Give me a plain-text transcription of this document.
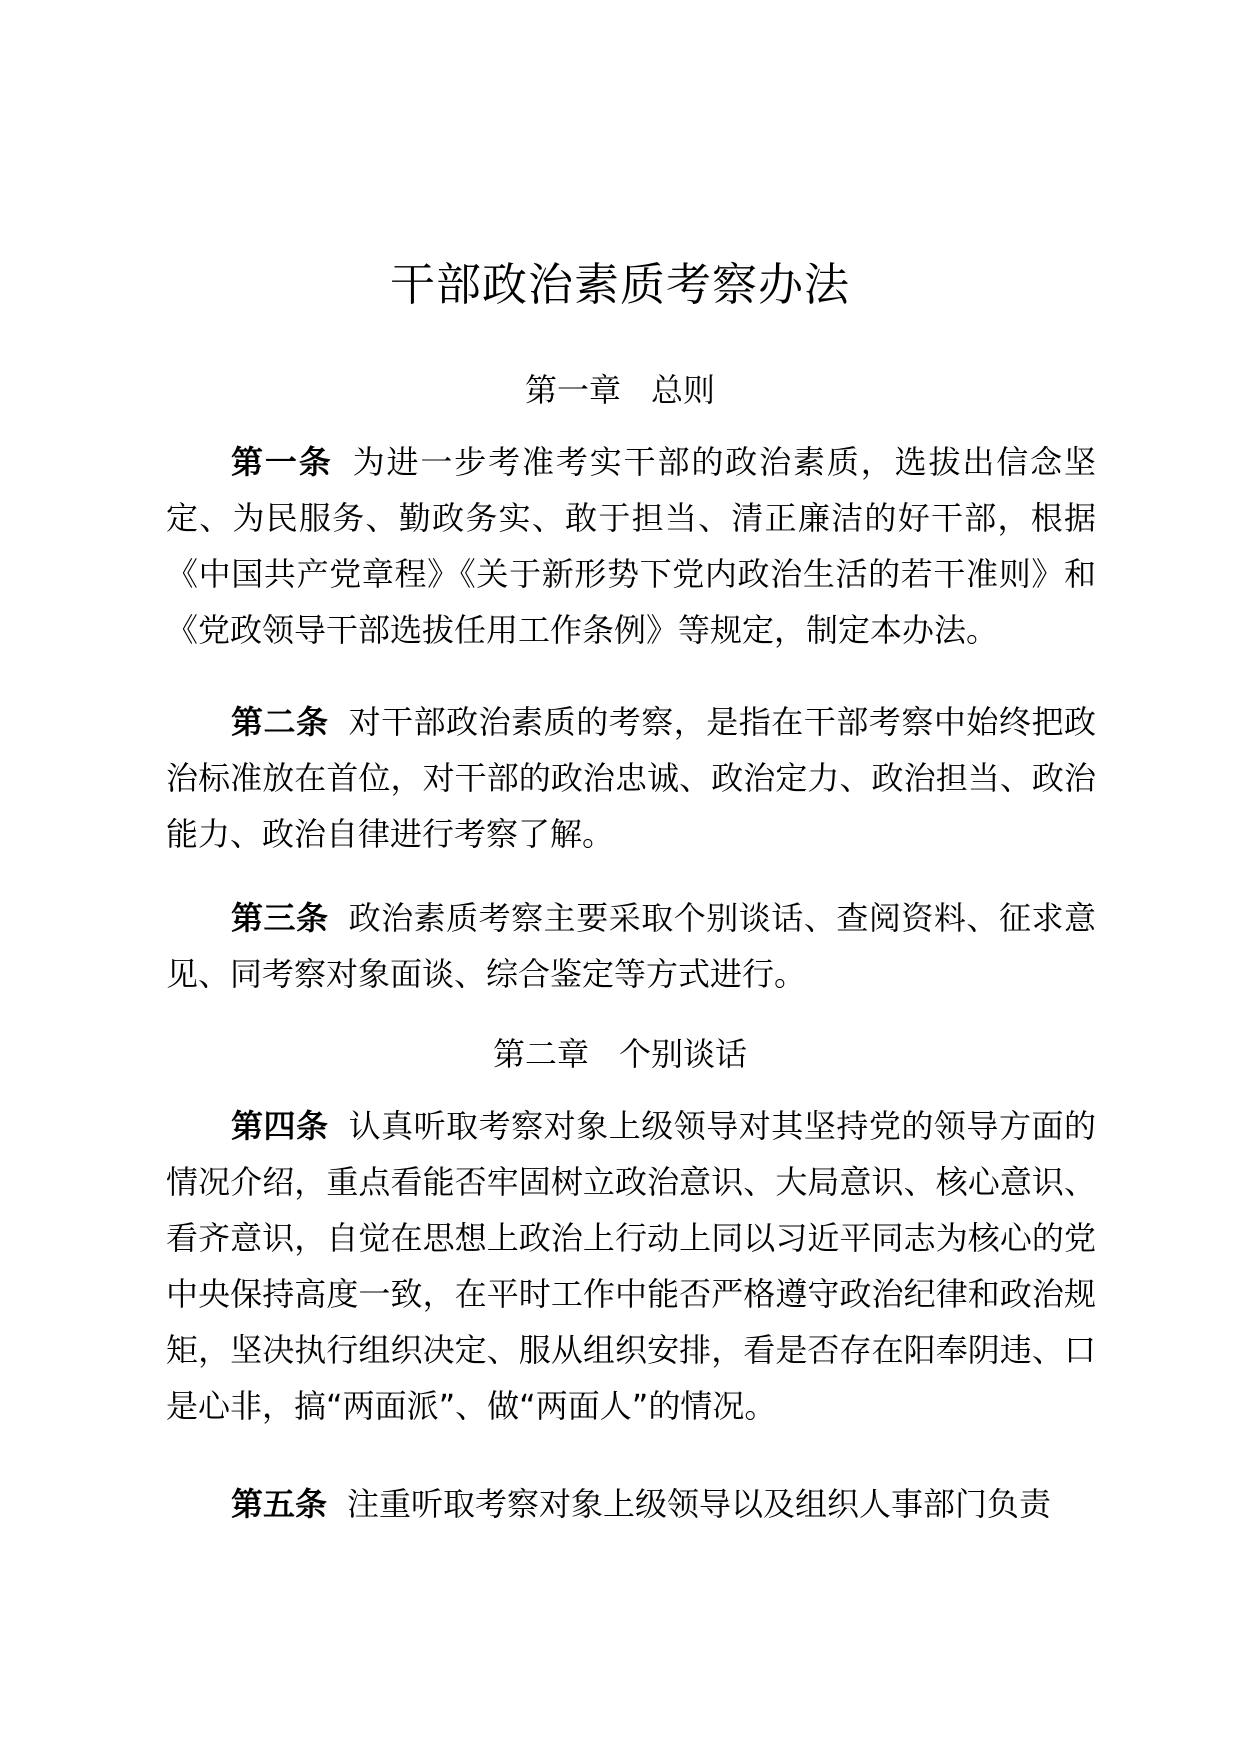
干部政治素质考察办法
第一章 总则

第一条 为进一步考准考实干部的政治素质，选拔出信念坚定、为民服务、勤政务实、敢于担当、清正廉洁的好干部，根据《中国共产党章程》《关于新形势下党内政治生活的若干准则》和《党政领导干部选拔任用工作条例》等规定，制定本办法。

第二条 对干部政治素质的考察，是指在干部考察中始终把政治标准放在首位，对干部的政治忠诚、政治定力、政治担当、政治能力、政治自律进行考察了解。

第三条 政治素质考察主要采取个别谈话、查阅资料、征求意见、同考察对象面谈、综合鉴定等方式进行。

第二章 个别谈话

第四条 认真听取考察对象上级领导对其坚持党的领导方面的情况介绍，重点看能否牢固树立政治意识、大局意识、核心意识、看齐意识，自觉在思想上政治上行动上同以习近平同志为核心的党中央保持高度一致，在平时工作中能否严格遵守政治纪律和政治规矩，坚决执行组织决定、服从组织安排，看是否存在阳奉阴违、口是心非，搞“两面派”、做“两面人”的情况。

第五条 注重听取考察对象上级领导以及组织人事部门负责
